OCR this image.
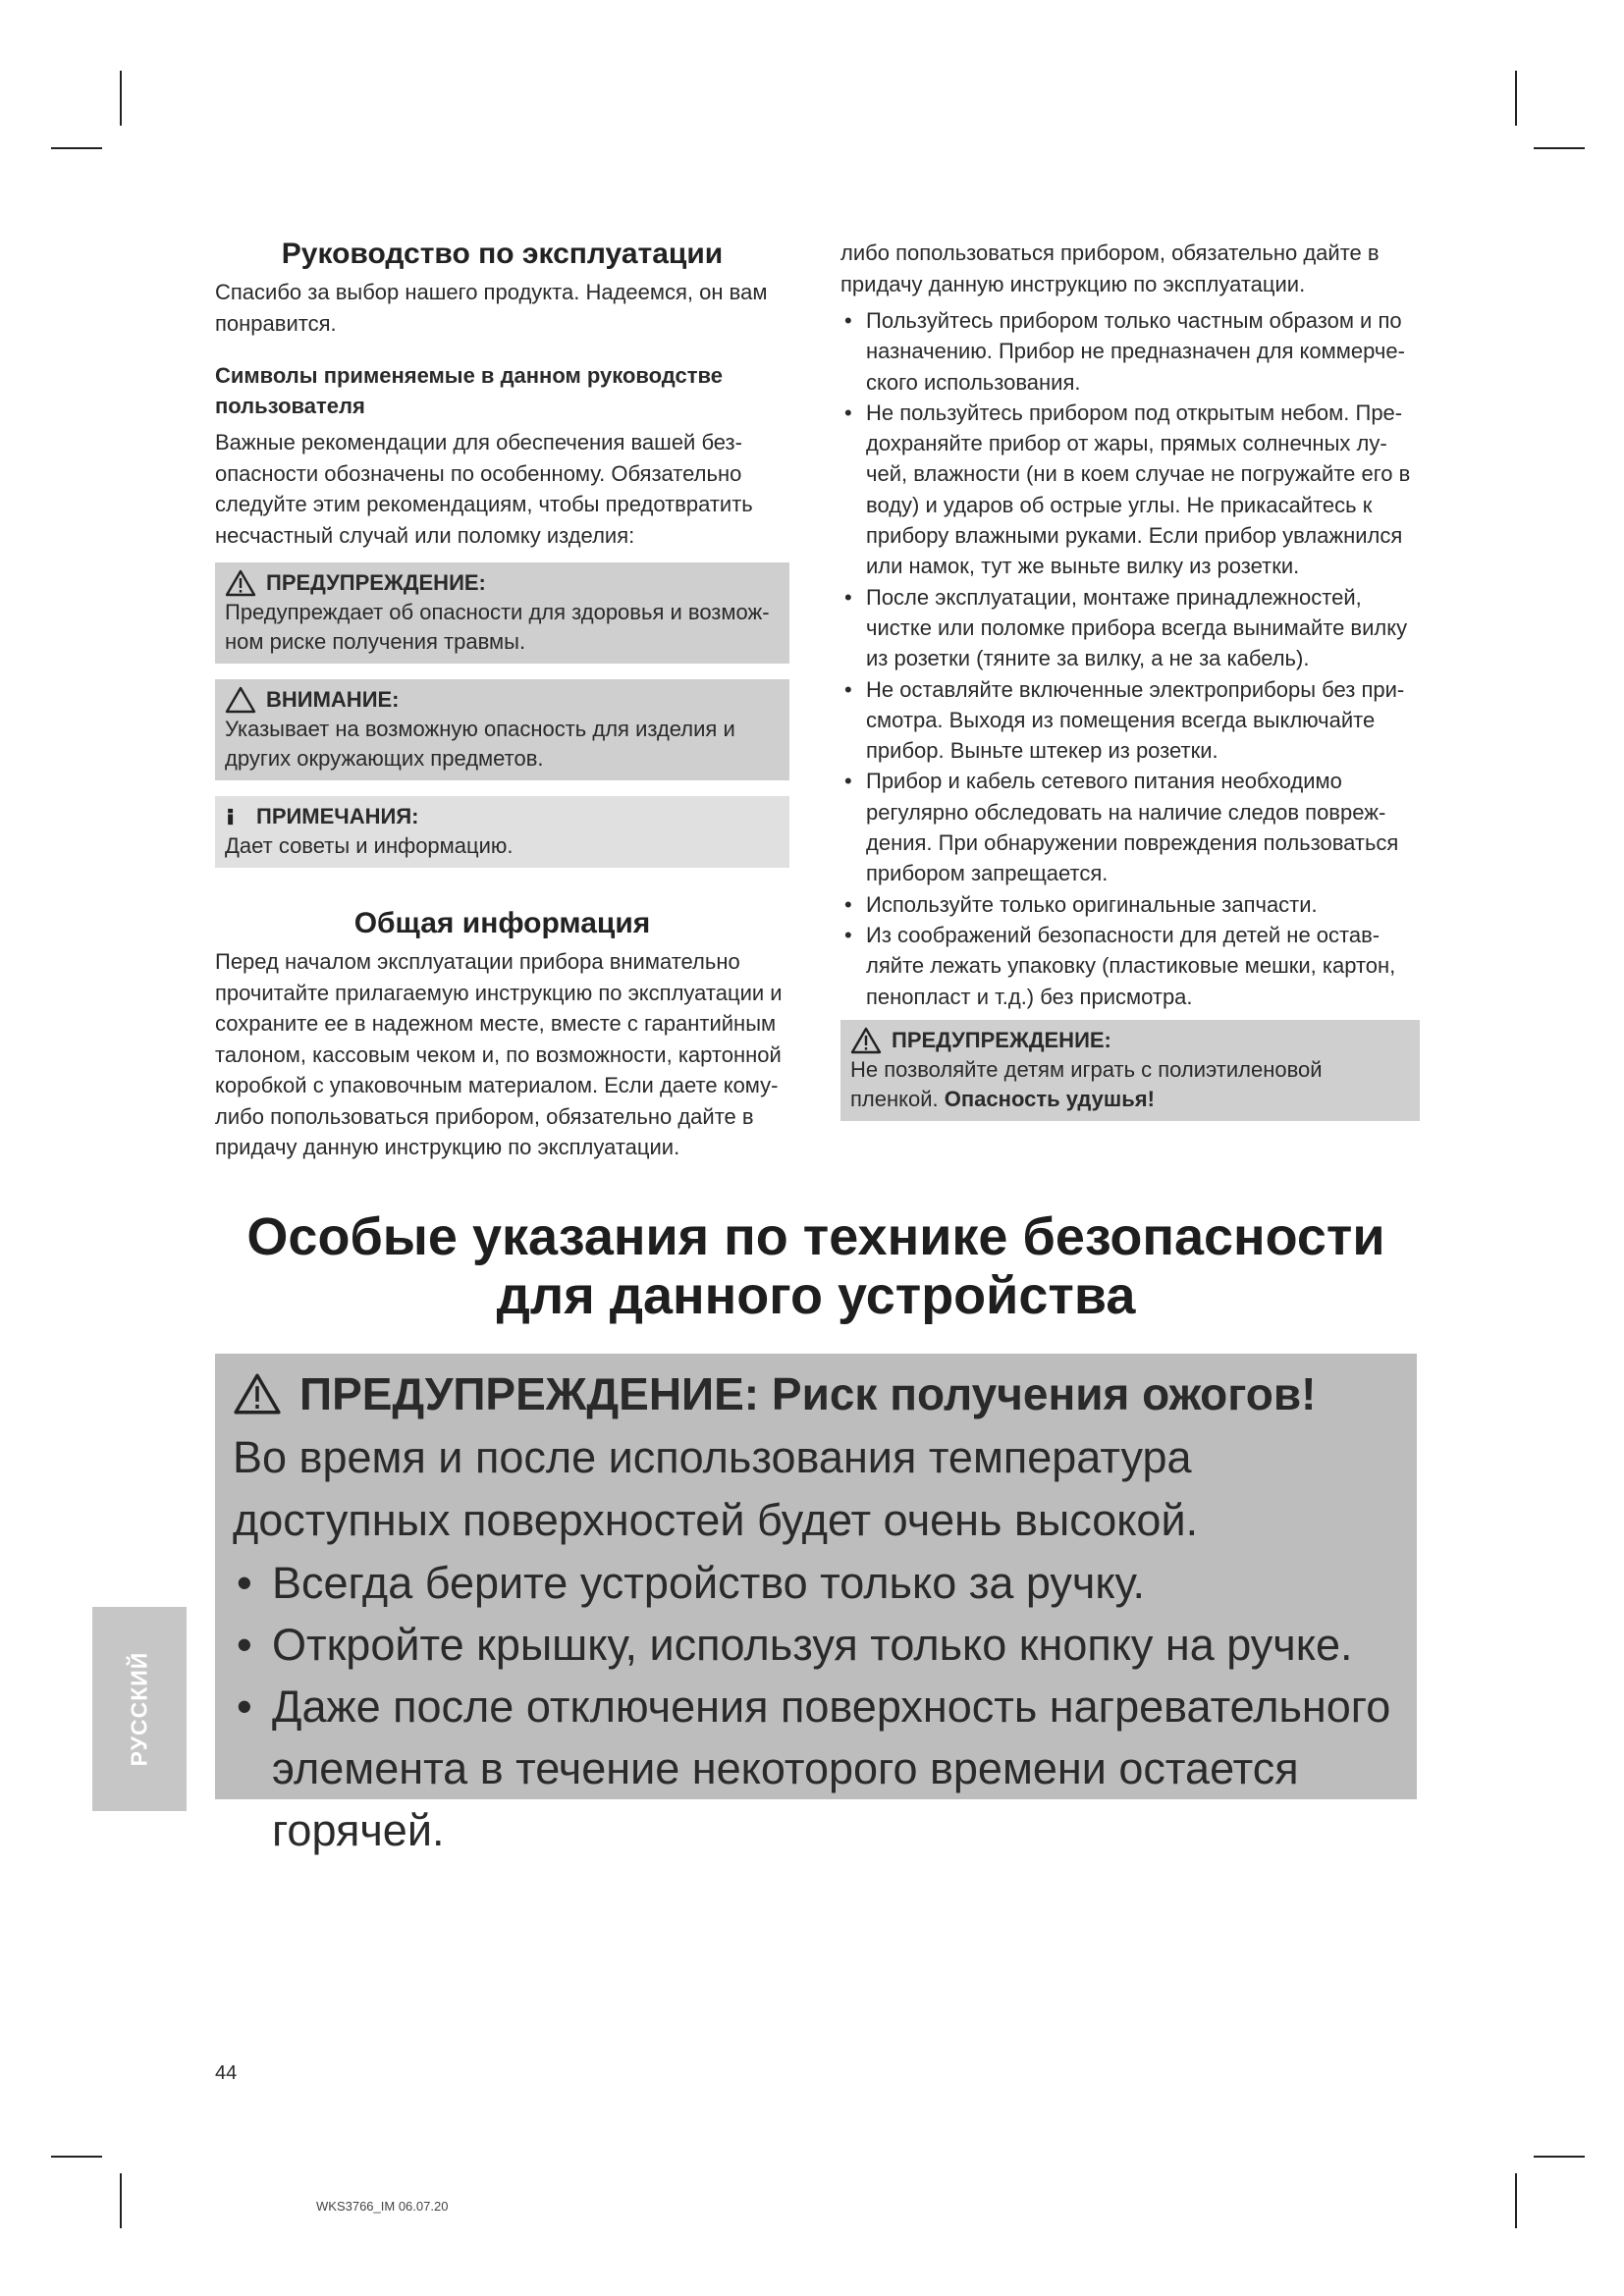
Руководство по эксплуатации

Спасибо за выбор нашего продукта. Надеемся, он вам понравится.

Символы применяемые в данном руководстве пользователя

Важные рекомендации для обеспечения вашей безопасности обозначены по особенному. Обязательно следуйте этим рекомендациям, чтобы предотвратить несчастный случай или поломку изделия:

ПРЕДУПРЕЖДЕНИЕ:
Предупреждает об опасности для здоровья и возможном риске получения травмы.
ВНИМАНИЕ:
Указывает на возможную опасность для изделия и других окружающих предметов.
ПРИМЕЧАНИЯ:
Дает советы и информацию.
Общая информация

Перед началом эксплуатации прибора внимательно прочитайте прилагаемую инструкцию по эксплуатации и сохраните ее в надежном месте, вместе с гарантийным талоном, кассовым чеком и, по возможности, картонной коробкой с упаковочным материалом. Если даете кому-либо попользоваться прибором, обязательно дайте в придачу данную инструкцию по эксплуатации.

либо попользоваться прибором, обязательно дайте в придачу данную инструкцию по эксплуатации.

• Пользуйтесь прибором только частным образом и по назначению. Прибор не предназначен для коммерческого использования.
• Не пользуйтесь прибором под открытым небом. Предохраняйте прибор от жары, прямых солнечных лучей, влажности (ни в коем случае не погружайте его в воду) и ударов об острые углы. Не прикасайтесь к прибору влажными руками. Если прибор увлажнился или намок, тут же выньте вилку из розетки.
• После эксплуатации, монтаже принадлежностей, чистке или поломке прибора всегда вынимайте вилку из розетки (тяните за вилку, а не за кабель).
• Не оставляйте включенные электроприборы без присмотра. Выходя из помещения всегда выключайте прибор. Выньте штекер из розетки.
• Прибор и кабель сетевого питания необходимо регулярно обследовать на наличие следов повреждения. При обнаружении повреждения пользоваться прибором запрещается.
• Используйте только оригинальные запчасти.
• Из соображений безопасности для детей не оставляйте лежать упаковку (пластиковые мешки, картон, пенопласт и т.д.) без присмотра.
ПРЕДУПРЕЖДЕНИЕ:
Не позволяйте детям играть с полиэтиленовой пленкой. Опасность удушья!
Особые указания по технике безопасности
для данного устройства
ПРЕДУПРЕЖДЕНИЕ: Риск получения ожогов!
Во время и после использования температура доступных поверхностей будет очень высокой.
• Всегда берите устройство только за ручку.
• Откройте крышку, используя только кнопку на ручке.
• Даже после отключения поверхность нагревательного элемента в течение некоторого времени остается горячей.
РУССКИЙ
44
WKS3766_IM 06.07.20
